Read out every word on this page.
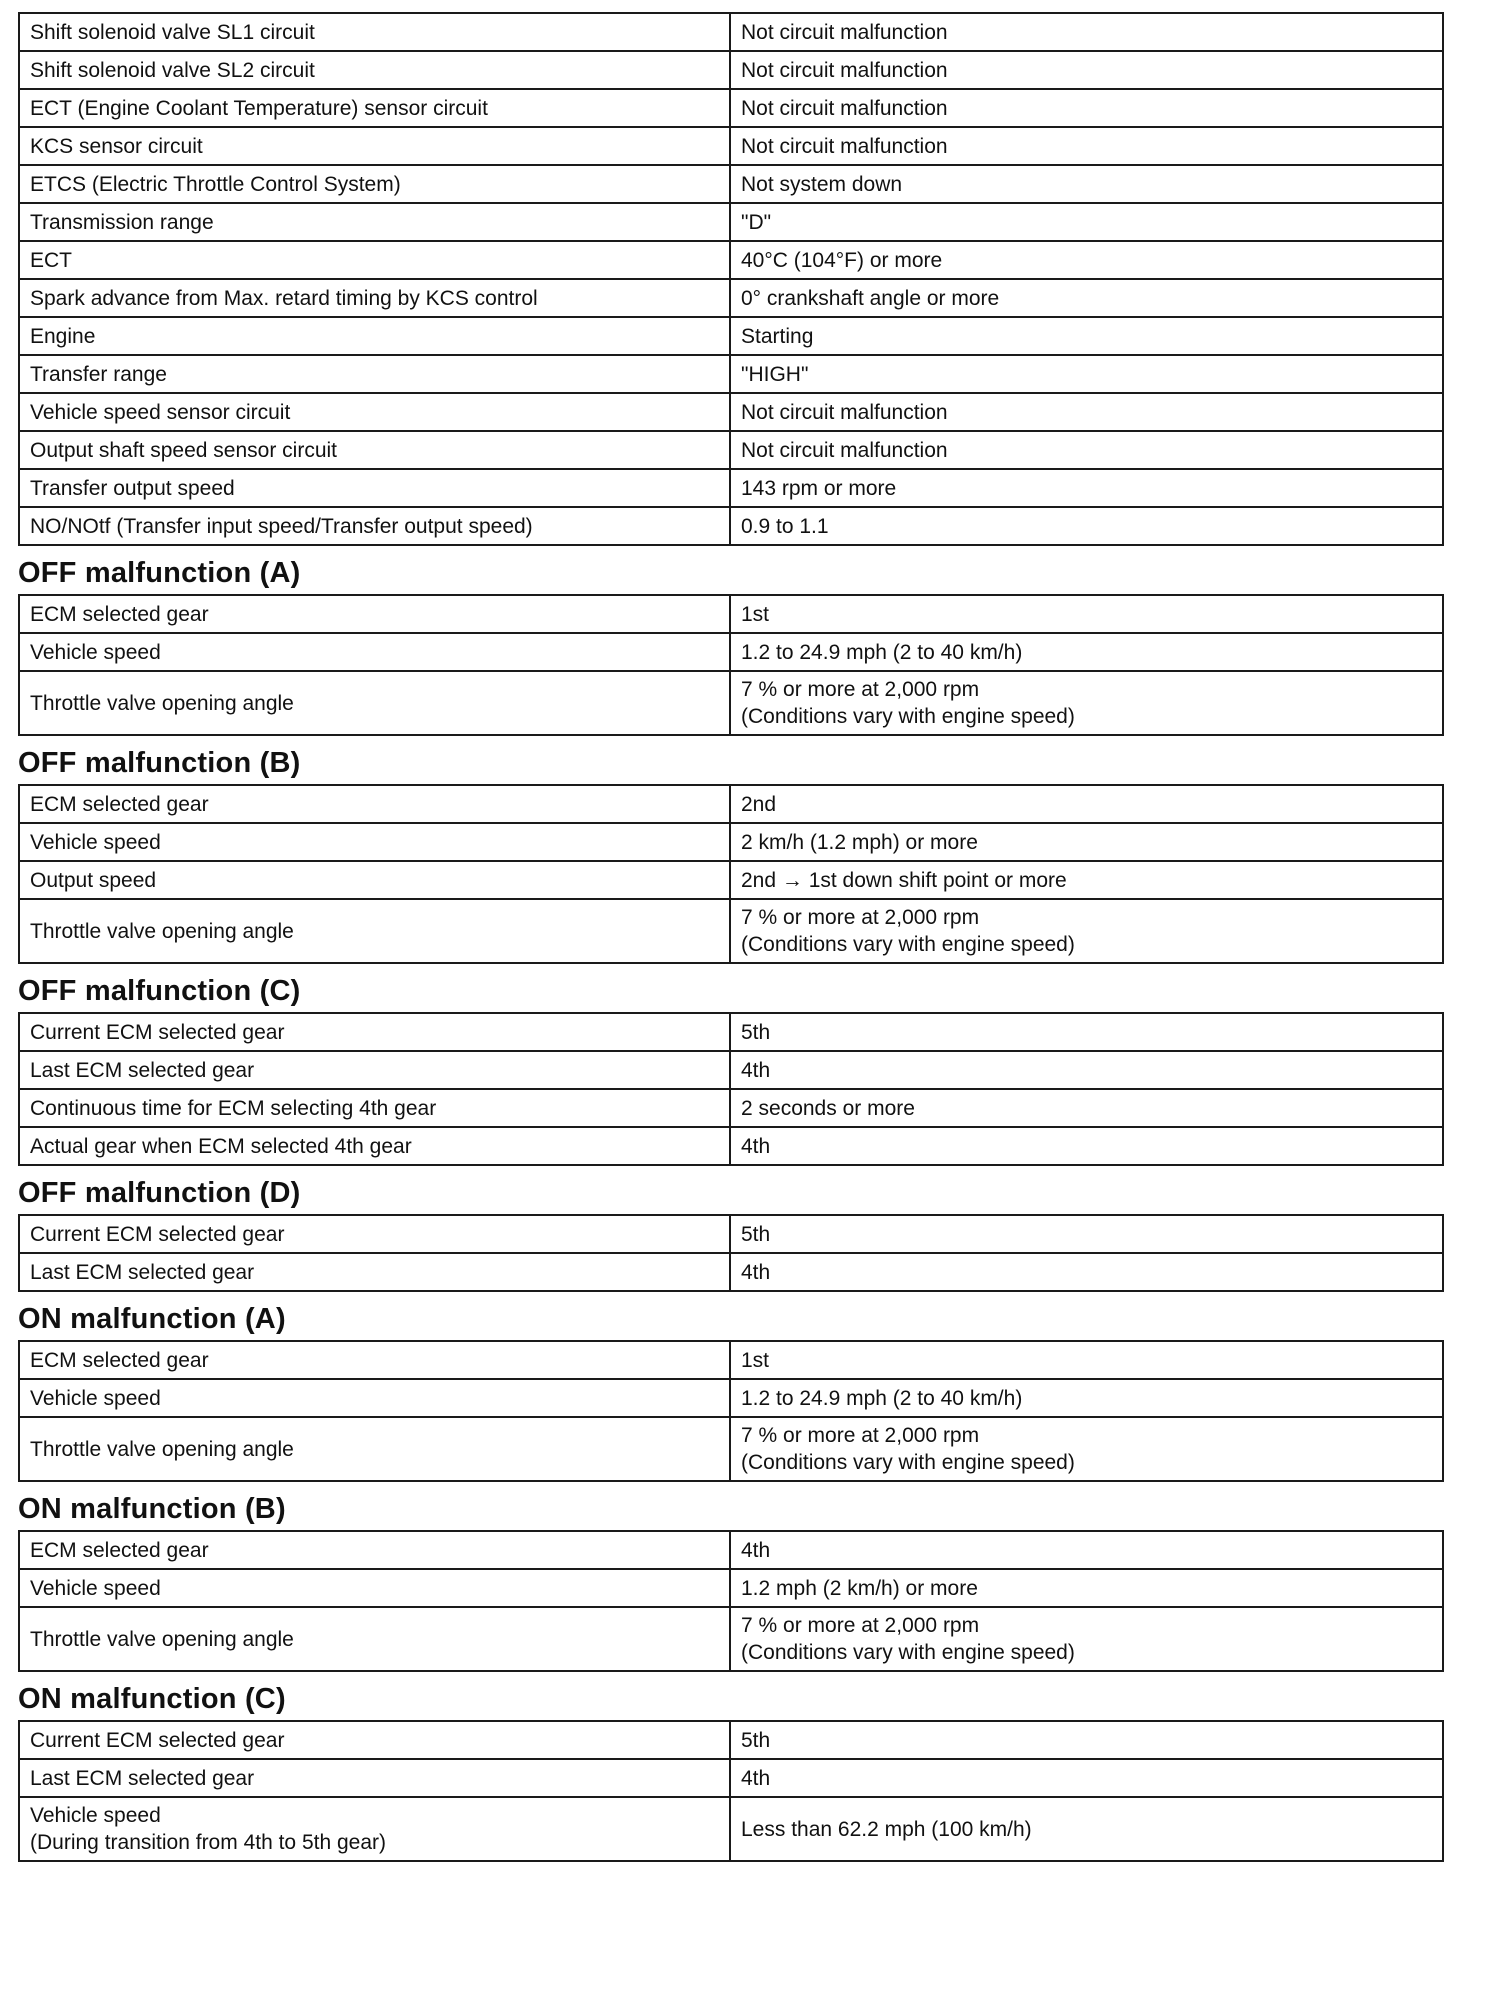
Shift solenoid valve SL1 circuit	Not circuit malfunction
Shift solenoid valve SL2 circuit	Not circuit malfunction
ECT (Engine Coolant Temperature) sensor circuit	Not circuit malfunction
KCS sensor circuit	Not circuit malfunction
ETCS (Electric Throttle Control System)	Not system down
Transmission range	"D"
ECT	40°C (104°F) or more
Spark advance from Max. retard timing by KCS control	0° crankshaft angle or more
Engine	Starting
Transfer range	"HIGH"
Vehicle speed sensor circuit	Not circuit malfunction
Output shaft speed sensor circuit	Not circuit malfunction
Transfer output speed	143 rpm or more
NO/NOtf (Transfer input speed/Transfer output speed)	0.9 to 1.1
OFF malfunction (A)
ECM selected gear	1st
Vehicle speed	1.2 to 24.9 mph (2 to 40 km/h)
Throttle valve opening angle	7 % or more at 2,000 rpm
(Conditions vary with engine speed)
OFF malfunction (B)
ECM selected gear	2nd
Vehicle speed	2 km/h (1.2 mph) or more
Output speed	2nd → 1st down shift point or more
Throttle valve opening angle	7 % or more at 2,000 rpm
(Conditions vary with engine speed)
OFF malfunction (C)
Current ECM selected gear	5th
Last ECM selected gear	4th
Continuous time for ECM selecting 4th gear	2 seconds or more
Actual gear when ECM selected 4th gear	4th
OFF malfunction (D)
Current ECM selected gear	5th
Last ECM selected gear	4th
ON malfunction (A)
ECM selected gear	1st
Vehicle speed	1.2 to 24.9 mph (2 to 40 km/h)
Throttle valve opening angle	7 % or more at 2,000 rpm
(Conditions vary with engine speed)
ON malfunction (B)
ECM selected gear	4th
Vehicle speed	1.2 mph (2 km/h) or more
Throttle valve opening angle	7 % or more at 2,000 rpm
(Conditions vary with engine speed)
ON malfunction (C)
Current ECM selected gear	5th
Last ECM selected gear	4th
Vehicle speed
(During transition from 4th to 5th gear)	Less than 62.2 mph (100 km/h)
